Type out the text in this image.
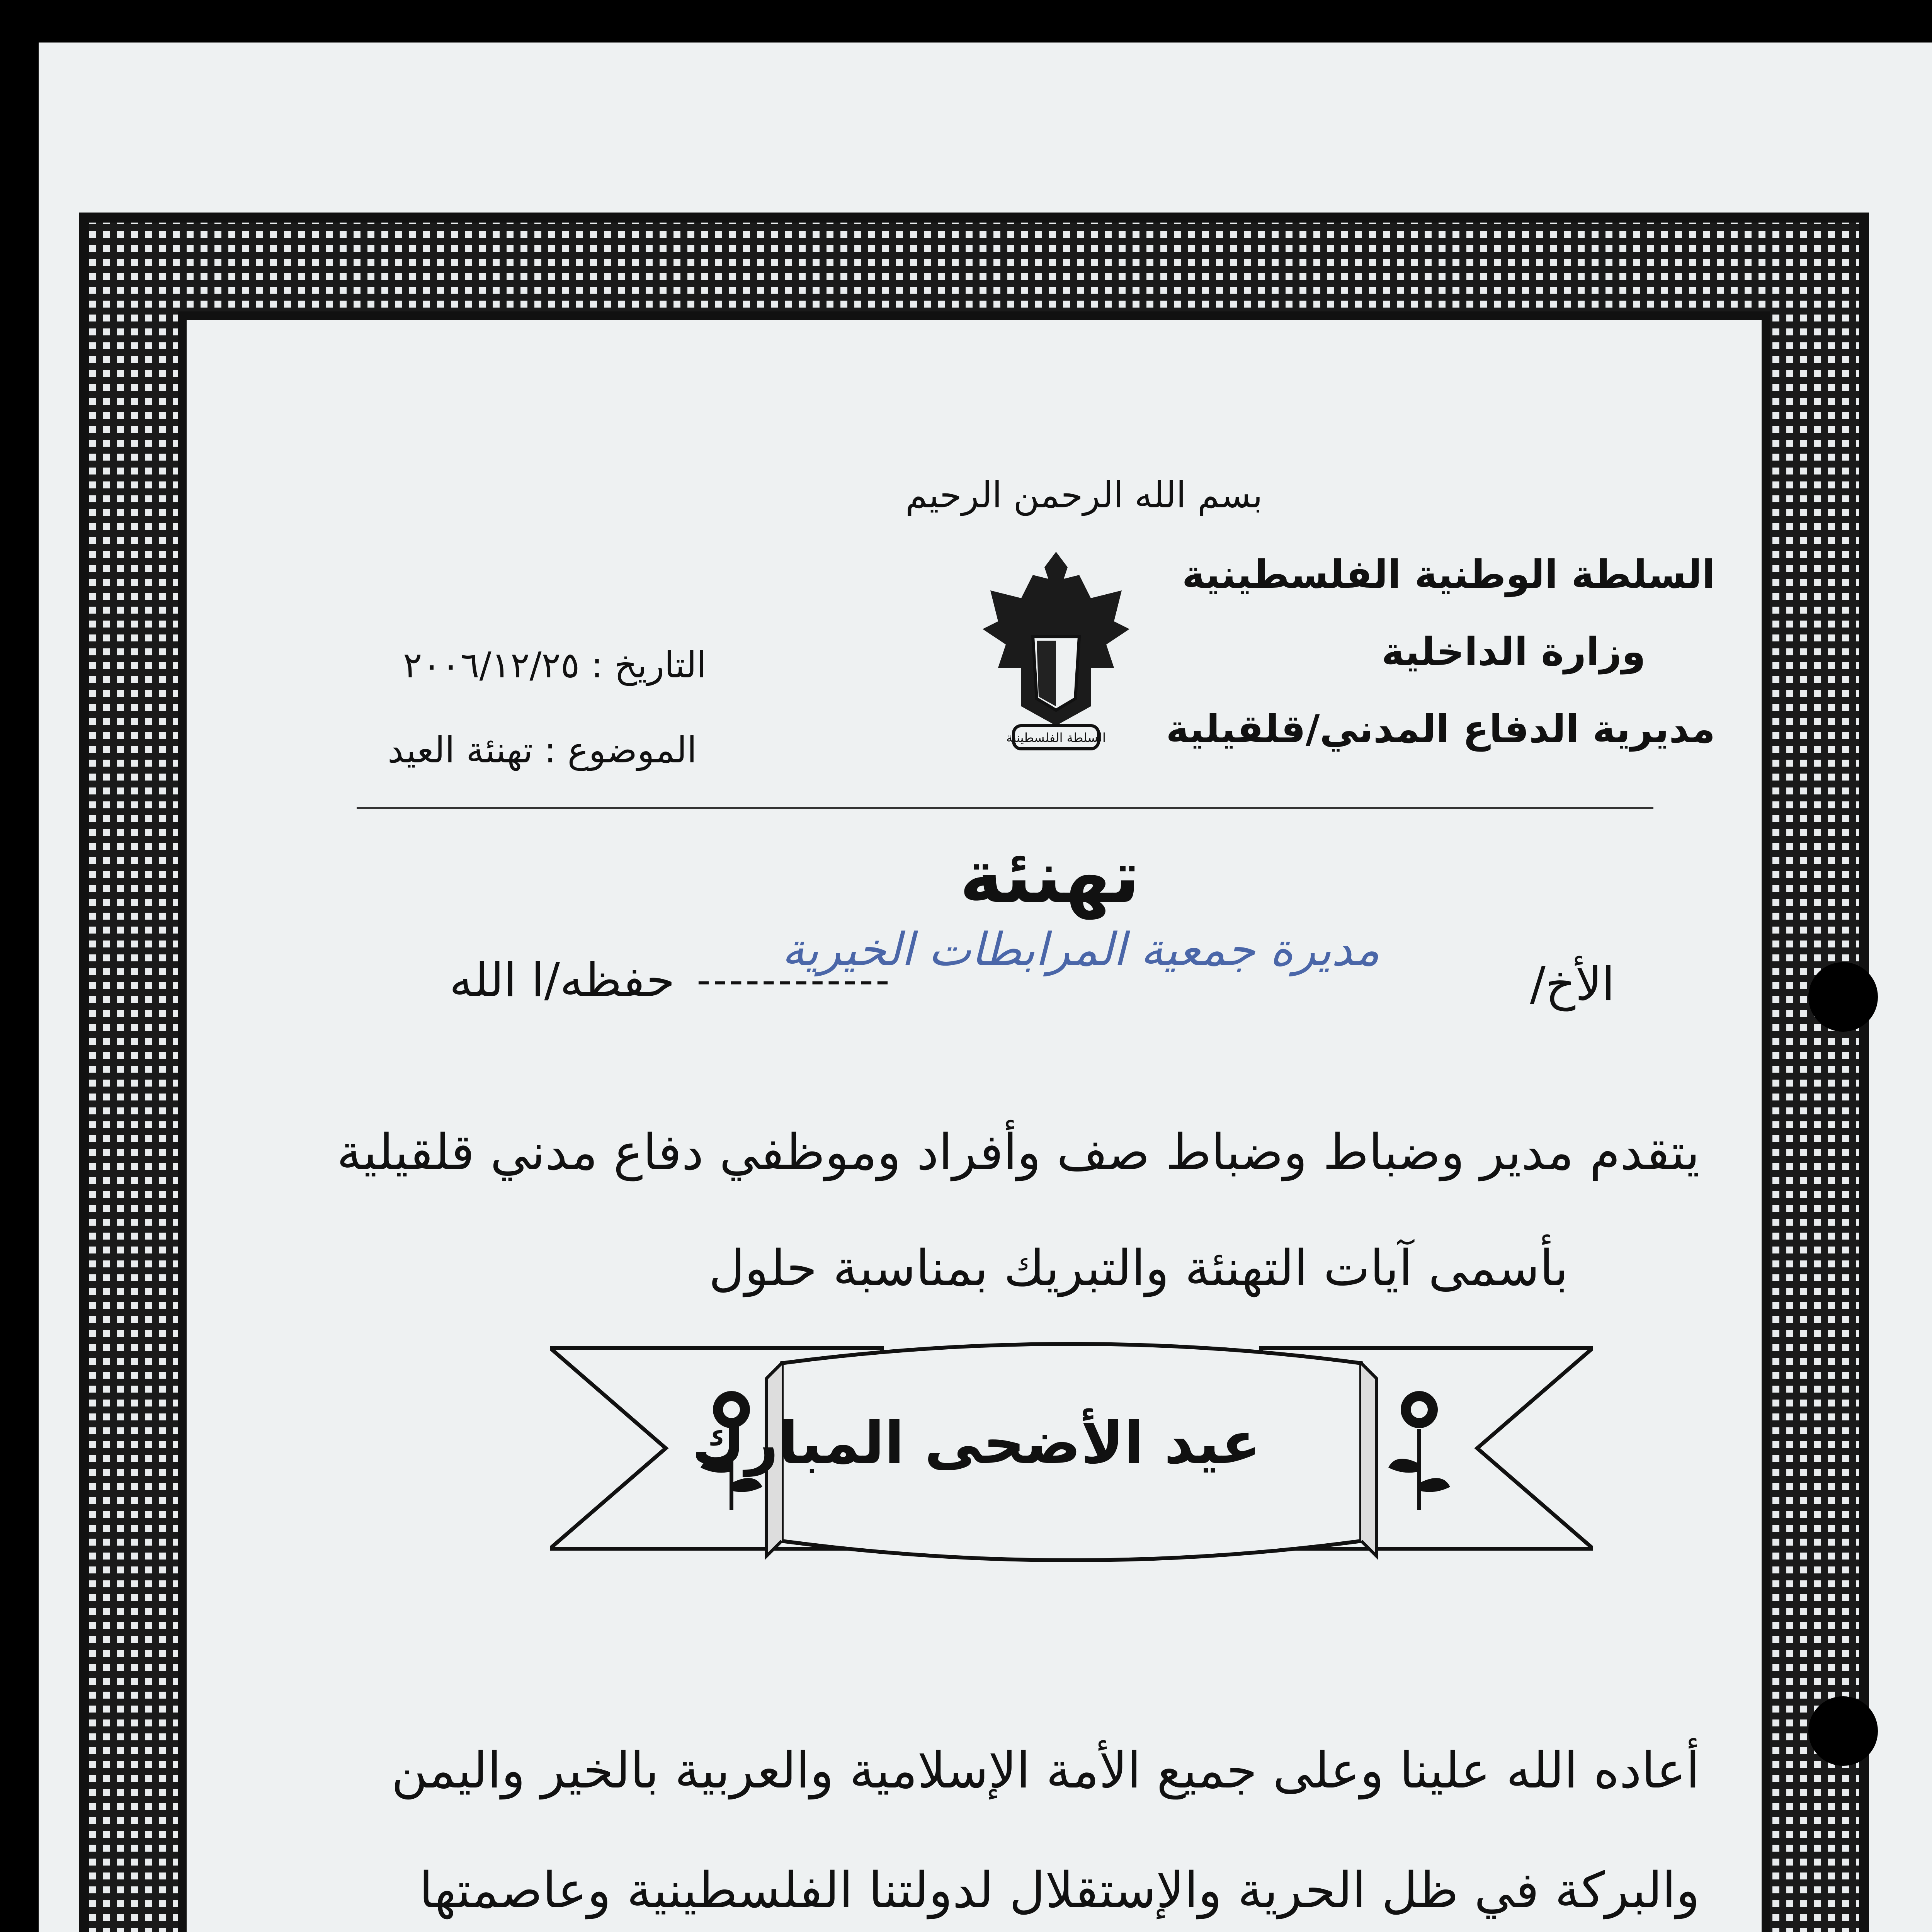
بسم الله الرحمن الرحيم
السلطة الوطنية الفلسطينية
وزارة الداخلية
مديرية الدفاع المدني/قلقيلية
التاريخ : ٢٠٠٦/١٢/٢٥
الموضوع : تهنئة العيد	السلطة الفلسطينية
تهنئة
الأخ/
مديرة جمعية المرابطات الخيرية
------------
حفظه/ا الله
يتقدم مدير وضباط وضباط صف وأفراد وموظفي دفاع مدني قلقيلية
بأسمى آيات التهنئة والتبريك بمناسبة حلول
عيد الأضحى المبارك
أعاده الله علينا وعلى جميع الأمة الإسلامية والعربية بالخير واليمن
والبركة في ظل الحرية والإستقلال لدولتنا الفلسطينية وعاصمتها
